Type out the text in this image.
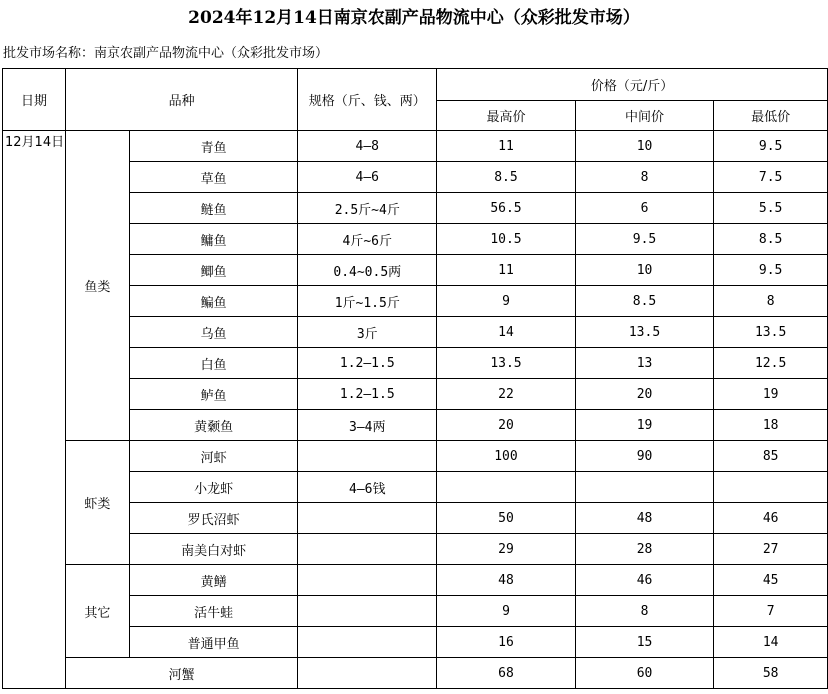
2024年12月14日南京农副产品物流中心（众彩批发市场）
批发市场名称：南京农副产品物流中心（众彩批发市场）
日期	品种		规格（斤、钱、两）	价格（元/斤）		
				最高价	中间价	最低价
12月14日	鱼类	青鱼	4—8	11	10	9.5
		草鱼	4—6	8.5	8	7.5
		鲢鱼	2.5斤~4斤	56.5	6	5.5
		鳙鱼	4斤~6斤	10.5	9.5	8.5
		鲫鱼	0.4~0.5两	11	10	9.5
		鳊鱼	1斤~1.5斤	9	8.5	8
		乌鱼	3斤	14	13.5	13.5
		白鱼	1.2—1.5	13.5	13	12.5
		鲈鱼	1.2—1.5	22	20	19
		黄颡鱼	3—4两	20	19	18
	虾类	河虾		100	90	85
		小龙虾	4—6钱			
		罗氏沼虾		50	48	46
		南美白对虾		29	28	27
	其它	黄鳝		48	46	45
		活牛蛙		9	8	7
		普通甲鱼		16	15	14
	河蟹			68	60	58
